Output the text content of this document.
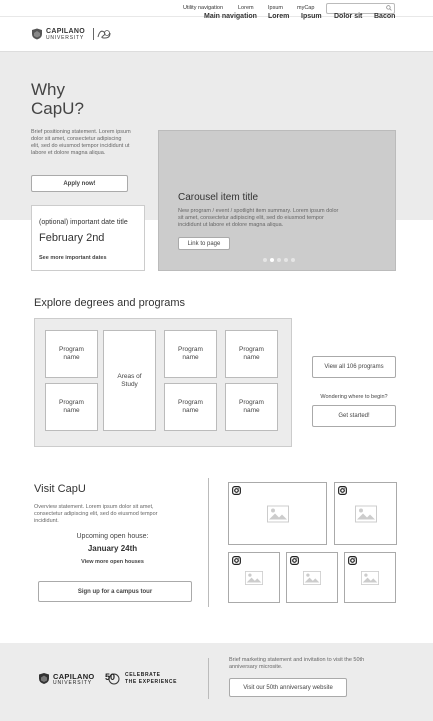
Utility navigation	Lorem	Ipsum	myCap
CAPILANO
UNIVERSITY
Main navigation Lorem Ipsum Dolor sit Bacon
Why
CapU?

Brief positioning statement. Lorem ipsum dolor sit amet, consectetur adipiscing elit, sed do eiusmod tempor incididunt ut labore et dolore magna aliqua.

Apply now!
(optional) important date title
February 2nd
See more important dates
Carousel item title

New program / event / spotlight item summary. Lorem ipsum dolor sit amet, consectetur adipiscing elit, sed do eiusmod tempor incididunt ut labore et dolore magna aliqua.

Link to page
Explore degrees and programs
Program name
Program name
Areas of Study
Program name
Program name
Program name
Program name
View all 106 programs
Wondering where to begin?
Get started!
Visit CapU

Overview statement. Lorem ipsum dolor sit amet, consectetur adipiscing elit, sed do eiusmod tempor incididunt.

Upcoming open house:
January 24th
View more open houses
Sign up for a campus tour
CAPILANO
UNIVERSITY
50 CELEBRATE
THE EXPERIENCE

Brief marketing statement and invitation to visit the 50th anniversary microsite.

Visit our 50th anniversary website
